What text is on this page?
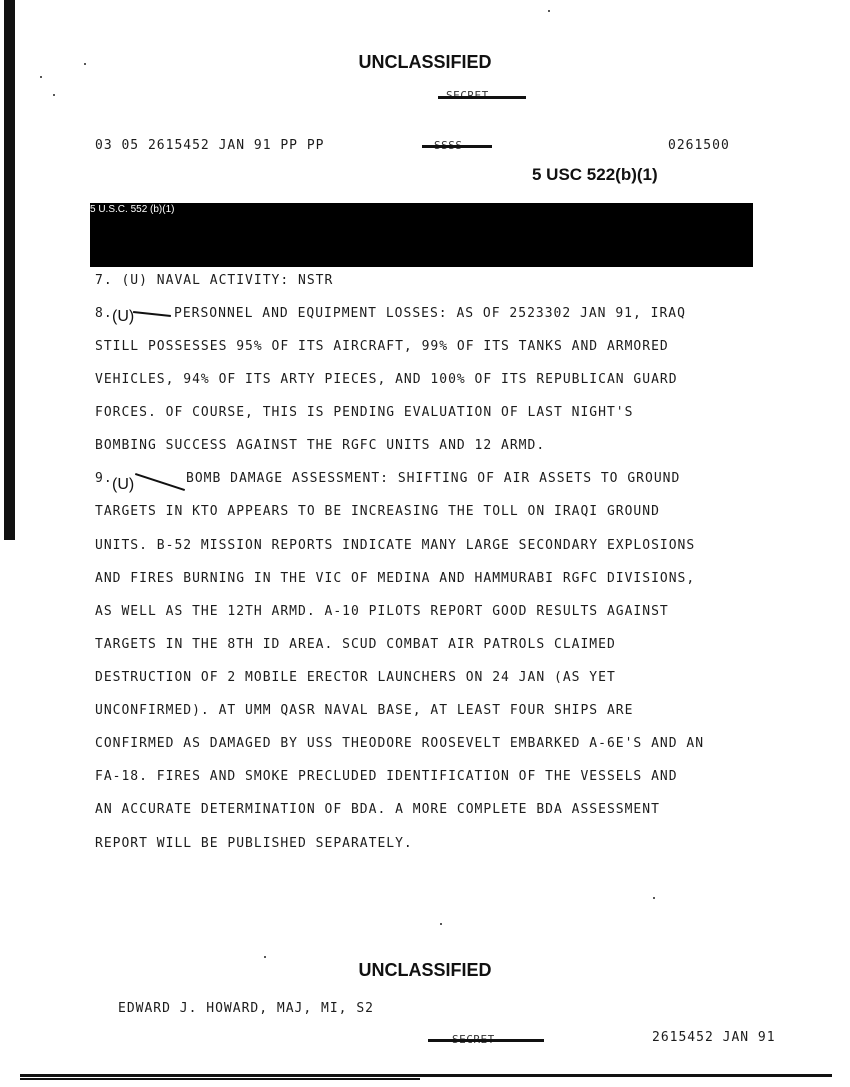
UNCLASSIFIED
03 05 2615452 JAN 91 PP PP	0261500
5 USC 522(b)(1)
5 U.S.C. 552 (b)(1)
7. (U) NAVAL ACTIVITY: NSTR
8. (U)	PERSONNEL AND EQUIPMENT LOSSES: AS OF 2523302 JAN 91, IRAQ
STILL POSSESSES 95% OF ITS AIRCRAFT, 99% OF ITS TANKS AND ARMORED
VEHICLES, 94% OF ITS ARTY PIECES, AND 100% OF ITS REPUBLICAN GUARD
FORCES. OF COURSE, THIS IS PENDING EVALUATION OF LAST NIGHT'S
BOMBING SUCCESS AGAINST THE RGFC UNITS AND 12 ARMD.
9. (U)	BOMB DAMAGE ASSESSMENT: SHIFTING OF AIR ASSETS TO GROUND
TARGETS IN KTO APPEARS TO BE INCREASING THE TOLL ON IRAQI GROUND
UNITS. B-52 MISSION REPORTS INDICATE MANY LARGE SECONDARY EXPLOSIONS
AND FIRES BURNING IN THE VIC OF MEDINA AND HAMMURABI RGFC DIVISIONS,
AS WELL AS THE 12TH ARMD. A-10 PILOTS REPORT GOOD RESULTS AGAINST
TARGETS IN THE 8TH ID AREA. SCUD COMBAT AIR PATROLS CLAIMED
DESTRUCTION OF 2 MOBILE ERECTOR LAUNCHERS ON 24 JAN (AS YET
UNCONFIRMED). AT UMM QASR NAVAL BASE, AT LEAST FOUR SHIPS ARE
CONFIRMED AS DAMAGED BY USS THEODORE ROOSEVELT EMBARKED A-6E'S AND AN
FA-18. FIRES AND SMOKE PRECLUDED IDENTIFICATION OF THE VESSELS AND
AN ACCURATE DETERMINATION OF BDA. A MORE COMPLETE BDA ASSESSMENT
REPORT WILL BE PUBLISHED SEPARATELY.
UNCLASSIFIED
EDWARD J. HOWARD, MAJ, MI, S2
2615452 JAN 91
